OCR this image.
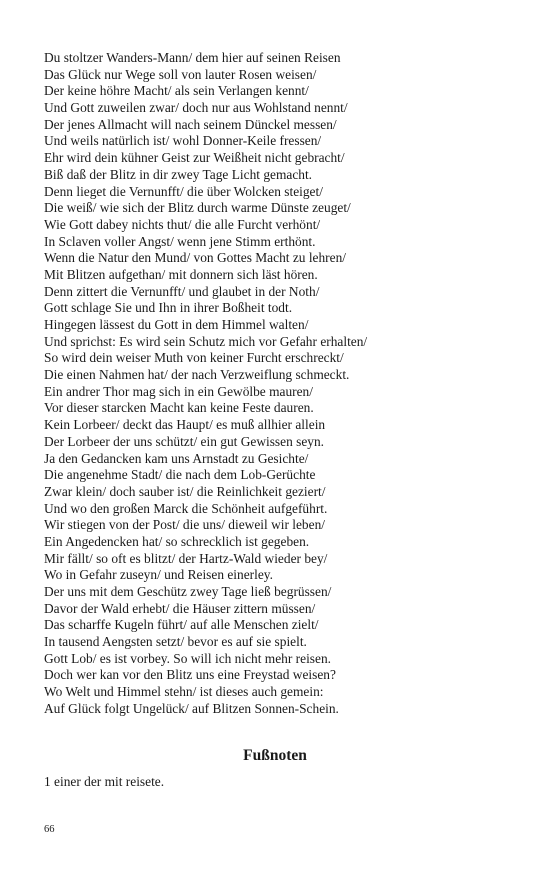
Du stoltzer Wanders-Mann/ dem hier auf seinen Reisen
Das Glück nur Wege soll von lauter Rosen weisen/
Der keine höhre Macht/ als sein Verlangen kennt/
Und Gott zuweilen zwar/ doch nur aus Wohlstand nennt/
Der jenes Allmacht will nach seinem Dünckel messen/
Und weils natürlich ist/ wohl Donner-Keile fressen/
Ehr wird dein kühner Geist zur Weißheit nicht gebracht/
Biß daß der Blitz in dir zwey Tage Licht gemacht.
Denn lieget die Vernunfft/ die über Wolcken steiget/
Die weiß/ wie sich der Blitz durch warme Dünste zeuget/
Wie Gott dabey nichts thut/ die alle Furcht verhönt/
In Sclaven voller Angst/ wenn jene Stimm erthönt.
Wenn die Natur den Mund/ von Gottes Macht zu lehren/
Mit Blitzen aufgethan/ mit donnern sich läst hören.
Denn zittert die Vernunfft/ und glaubet in der Noth/
Gott schlage Sie und Ihn in ihrer Boßheit todt.
Hingegen lässest du Gott in dem Himmel walten/
Und sprichst: Es wird sein Schutz mich vor Gefahr erhalten/
So wird dein weiser Muth von keiner Furcht erschreckt/
Die einen Nahmen hat/ der nach Verzweiflung schmeckt.
Ein andrer Thor mag sich in ein Gewölbe mauren/
Vor dieser starcken Macht kan keine Feste dauren.
Kein Lorbeer/ deckt das Haupt/ es muß allhier allein
Der Lorbeer der uns schützt/ ein gut Gewissen seyn.
Ja den Gedancken kam uns Arnstadt zu Gesichte/
Die angenehme Stadt/ die nach dem Lob-Gerüchte
Zwar klein/ doch sauber ist/ die Reinlichkeit geziert/
Und wo den großen Marck die Schönheit aufgeführt.
Wir stiegen von der Post/ die uns/ dieweil wir leben/
Ein Angedencken hat/ so schrecklich ist gegeben.
Mir fällt/ so oft es blitzt/ der Hartz-Wald wieder bey/
Wo in Gefahr zuseyn/ und Reisen einerley.
Der uns mit dem Geschütz zwey Tage ließ begrüssen/
Davor der Wald erhebt/ die Häuser zittern müssen/
Das scharffe Kugeln führt/ auf alle Menschen zielt/
In tausend Aengsten setzt/ bevor es auf sie spielt.
Gott Lob/ es ist vorbey. So will ich nicht mehr reisen.
Doch wer kan vor den Blitz uns eine Freystad weisen?
Wo Welt und Himmel stehn/ ist dieses auch gemein:
Auf Glück folgt Ungelück/ auf Blitzen Sonnen-Schein.
Fußnoten
1 einer der mit reisete.
66
